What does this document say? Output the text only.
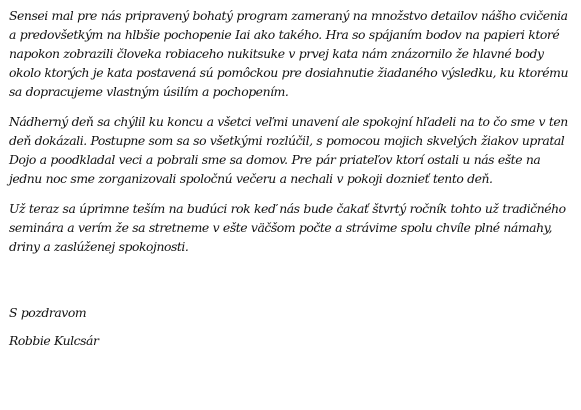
Sensei mal pre nás pripravený bohatý program zameraný na množstvo detailov nášho cvičenia a predovšetkým na hlbšie pochopenie Iai ako takého. Hra so spájaním bodov na papieri ktoré napokon zobrazili človeka robiaceho nukitsuke v prvej kata nám znázornilo že hlavné body okolo ktorých je kata postavená sú pomôckou pre dosiahnutie žiadaného výsledku, ku ktorému sa dopracujeme vlastným úsilím a pochopením.

Nádherný deň sa chýlil ku koncu a všetci veľmi unavení ale spokojní hľadeli na to čo sme v ten deň dokázali. Postupne som sa so všetkými rozlúčil, s pomocou mojich skvelých žiakov upratal Dojo a poodkladal veci a pobrali sme sa domov. Pre pár priateľov ktorí ostali u nás ešte na jednu noc sme zorganizovali spoločnú večeru a nechali v pokoji doznieť tento deň.

Už teraz sa úprimne teším na budúci rok keď nás bude čakať štvrtý ročník tohto už tradičného seminára a verím že sa stretneme v ešte väčšom počte a strávime spolu chvíle plné námahy, driny a zaslúženej spokojnosti.

S pozdravom

Robbie Kulcsár
